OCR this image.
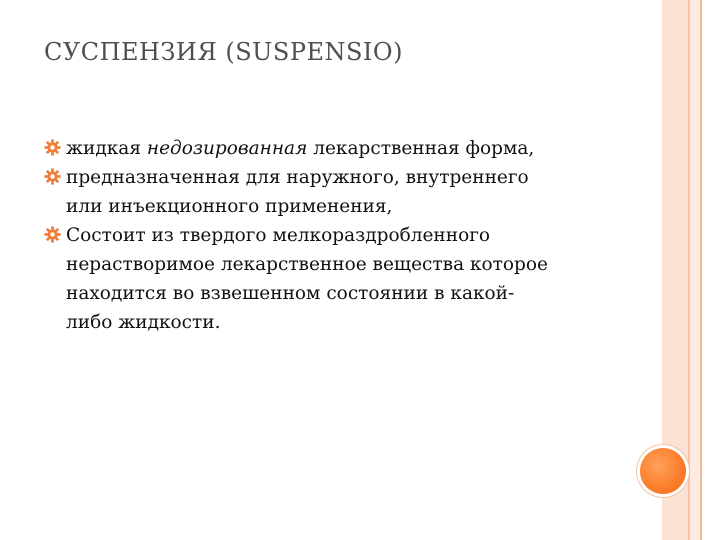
СУСПЕНЗИЯ (SUSPENSIO)
жидкая недозированная лекарственная форма,
предназначенная для наружного, внутреннего
или инъекционного применения,
Состоит из твердого мелкораздробленного
нерастворимое лекарственное вещества которое
находится во взвешенном состоянии в какой-
либо жидкости.
